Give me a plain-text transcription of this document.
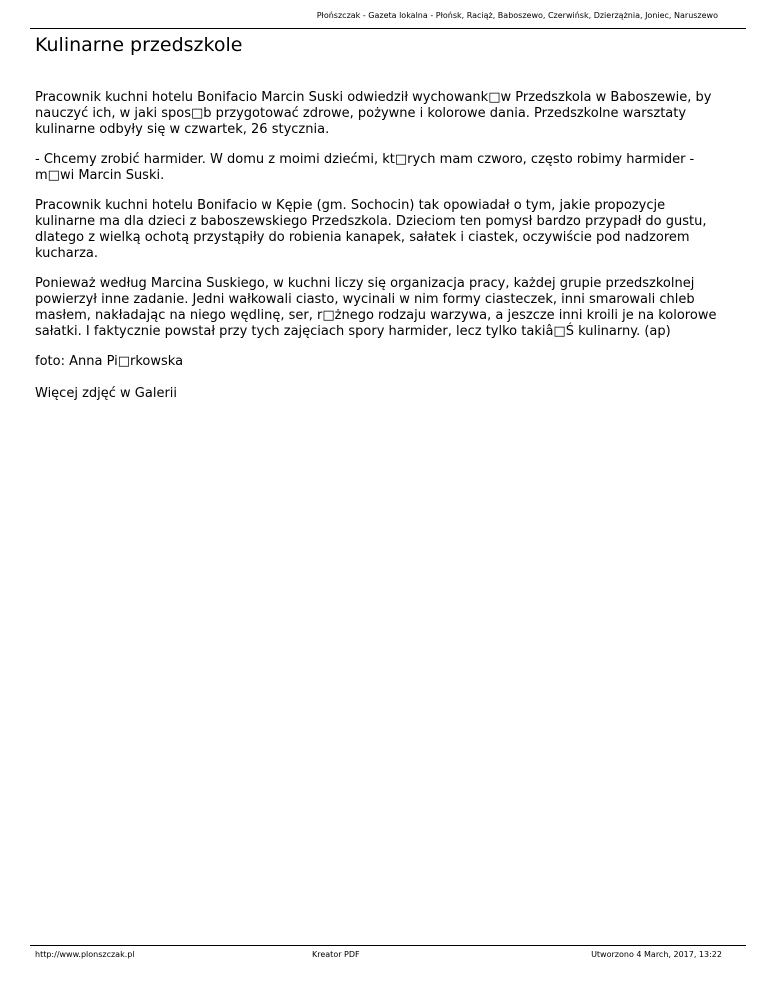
Płońszczak - Gazeta lokalna - Płońsk, Raciąż, Baboszewo, Czerwińsk, Dzierzążnia, Joniec, Naruszewo
Kulinarne przedszkole

Pracownik kuchni hotelu Bonifacio Marcin Suski odwiedził wychowank□w Przedszkola w Baboszewie, by nauczyć ich, w jaki spos□b przygotować zdrowe, pożywne i kolorowe dania. Przedszkolne warsztaty kulinarne odbyły się w czwartek, 26 stycznia.

- Chcemy zrobić harmider. W domu z moimi dziećmi, kt□rych mam czworo, często robimy harmider - m□wi Marcin Suski.

Pracownik kuchni hotelu Bonifacio w Kępie (gm. Sochocin) tak opowiadał o tym, jakie propozycje kulinarne ma dla dzieci z baboszewskiego Przedszkola. Dzieciom ten pomysł bardzo przypadł do gustu, dlatego z wielką ochotą przystąpiły do robienia kanapek, sałatek i ciastek, oczywiście pod nadzorem kucharza.

Ponieważ według Marcina Suskiego, w kuchni liczy się organizacja pracy, każdej grupie przedszkolnej powierzył inne zadanie. Jedni wałkowali ciasto, wycinali w nim formy ciasteczek, inni smarowali chleb masłem, nakładając na niego wędlinę, ser, r□żnego rodzaju warzywa, a jeszcze inni kroili je na kolorowe sałatki. I faktycznie powstał przy tych zajęciach spory harmider, lecz tylko takiâ□Ś kulinarny. (ap)

foto: Anna Pi□rkowska

Więcej zdjęć w Galerii

http://www.plonszczak.pl	Kreator PDF	Utworzono 4 March, 2017, 13:22
